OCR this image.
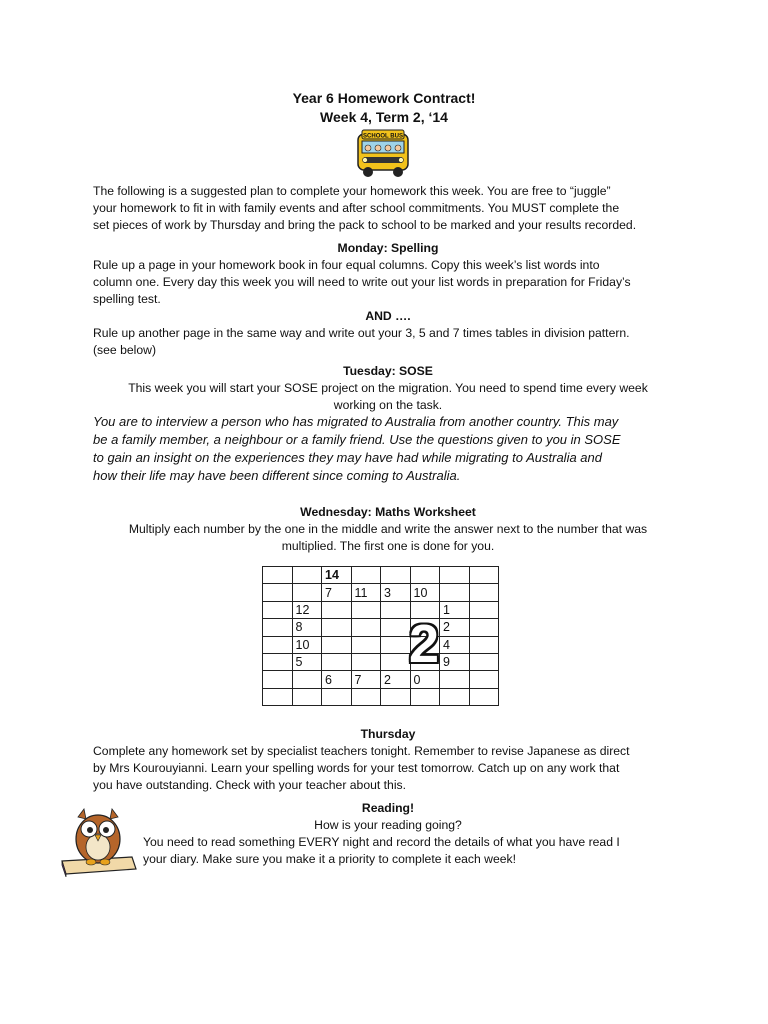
Year 6 Homework Contract!
Week 4, Term 2, ‘14
SCHOOL BUS
The following is a suggested plan to complete your homework this week. You are free to “juggle”
your homework to fit in with family events and after school commitments. You MUST complete the
set pieces of work by Thursday and bring the pack to school to be marked and your results recorded.
Monday: Spelling
Rule up a page in your homework book in four equal columns. Copy this week’s list words into
column one. Every day this week you will need to write out your list words in preparation for Friday’s
spelling test.
AND ….
Rule up another page in the same way and write out your 3, 5 and 7 times tables in division pattern.
(see below)
Tuesday: SOSE
This week you will start your SOSE project on the migration. You need to spend time every week
working on the task.
You are to interview a person who has migrated to Australia from another country. This may
be a family member, a neighbour or a family friend. Use the questions given to you in SOSE
to gain an insight on the experiences they may have had while migrating to Australia and
how their life may have been different since coming to Australia.
Wednesday: Maths Worksheet
Multiply each number by the one in the middle and write the answer next to the number that was
multiplied. The first one is done for you.
		14					
		7	11	3	10		
	12					1	
	8					2	
	10					4	
	5					9	
		6	7	2	0		

2
Thursday
Complete any homework set by specialist teachers tonight. Remember to revise Japanese as direct
by Mrs Kourouyianni. Learn your spelling words for your test tomorrow. Catch up on any work that
you have outstanding. Check with your teacher about this.
Reading!
How is your reading going?
You need to read something EVERY night and record the details of what you have read I
your diary. Make sure you make it a priority to complete it each week!
